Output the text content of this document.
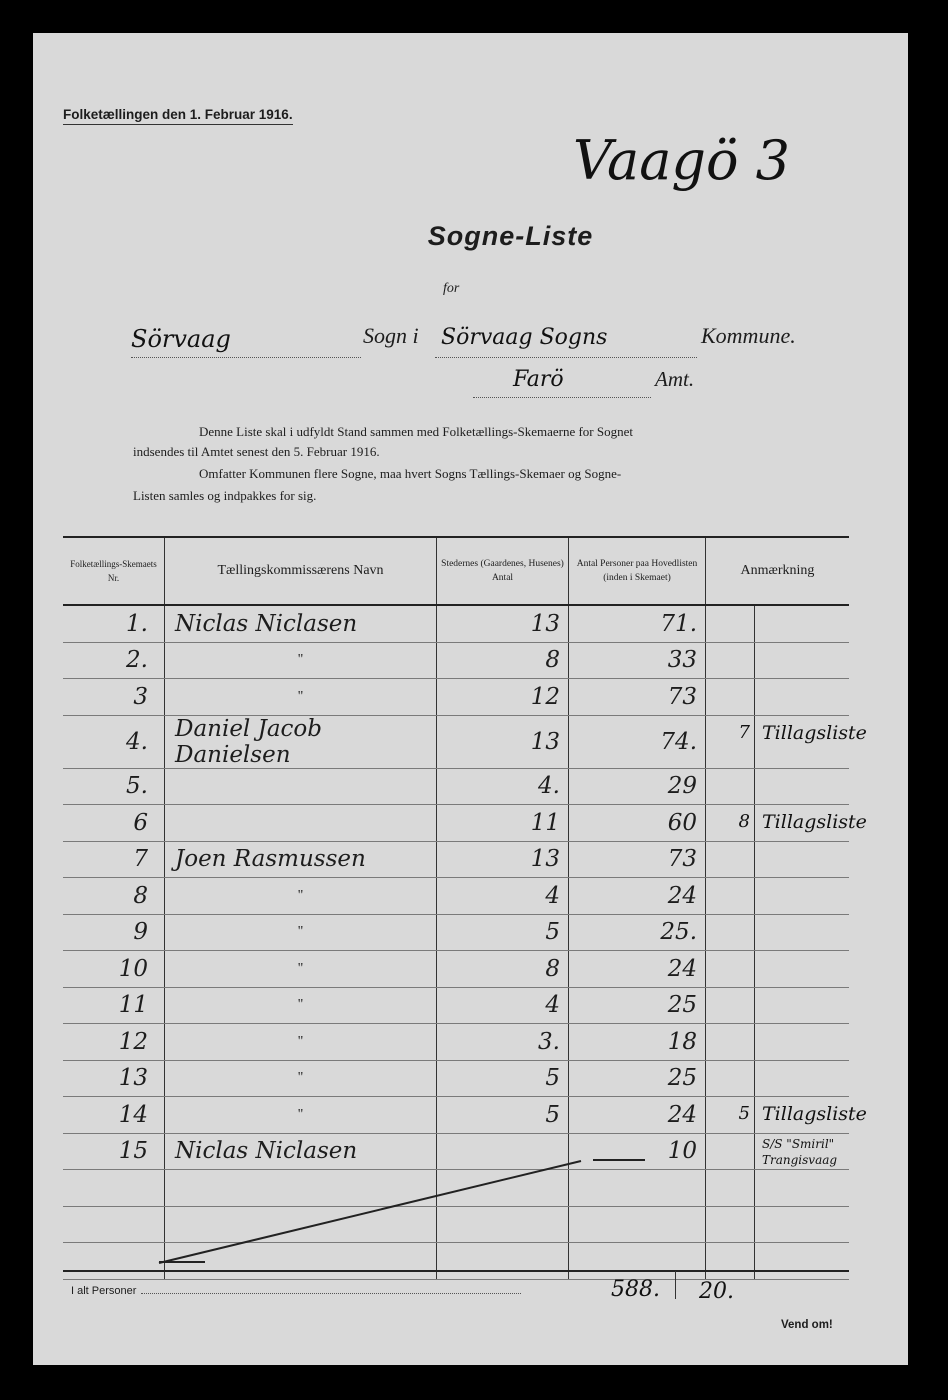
Folketællingen den 1. Februar 1916.
Vaagö 3
Sogne-Liste
for
Sörvaag	Sogn i Sörvaag Sogns	Kommune.
Farö	Amt.
Denne Liste skal i udfyldt Stand sammen med Folketællings-Skemaerne for Sognet
indsendes til Amtet senest den 5. Februar 1916.
Omfatter Kommunen flere Sogne, maa hvert Sogns Tællings-Skemaer og Sogne-
Listen samles og indpakkes for sig.
Folketællings-Skemaets Nr.	Tællingskommissærens Navn	Stedernes (Gaardenes, Husenes) Antal	Antal Personer paa Hovedlisten (inden i Skemaet)	Anmærkning
1.	Niclas Niclasen	13	71.	

2.	"	8	33	

3	"	12	73	

4.	Daniel Jacob Danielsen	13	74.	7 Tillagsliste

5.		4.	29	

6		11	60	8 Tillagsliste

7	Joen Rasmussen	13	73	

8	"	4	24	

9	"	5	25.	

10	"	8	24	

11	"	4	25	

12	"	3.	18	

13	"	5	25	

14	"	5	24	5 Tillagsliste

15	Niclas Niclasen		10	S/S "Smiril" Trangisvaag

I alt Personer	588. 20.
Vend om!
